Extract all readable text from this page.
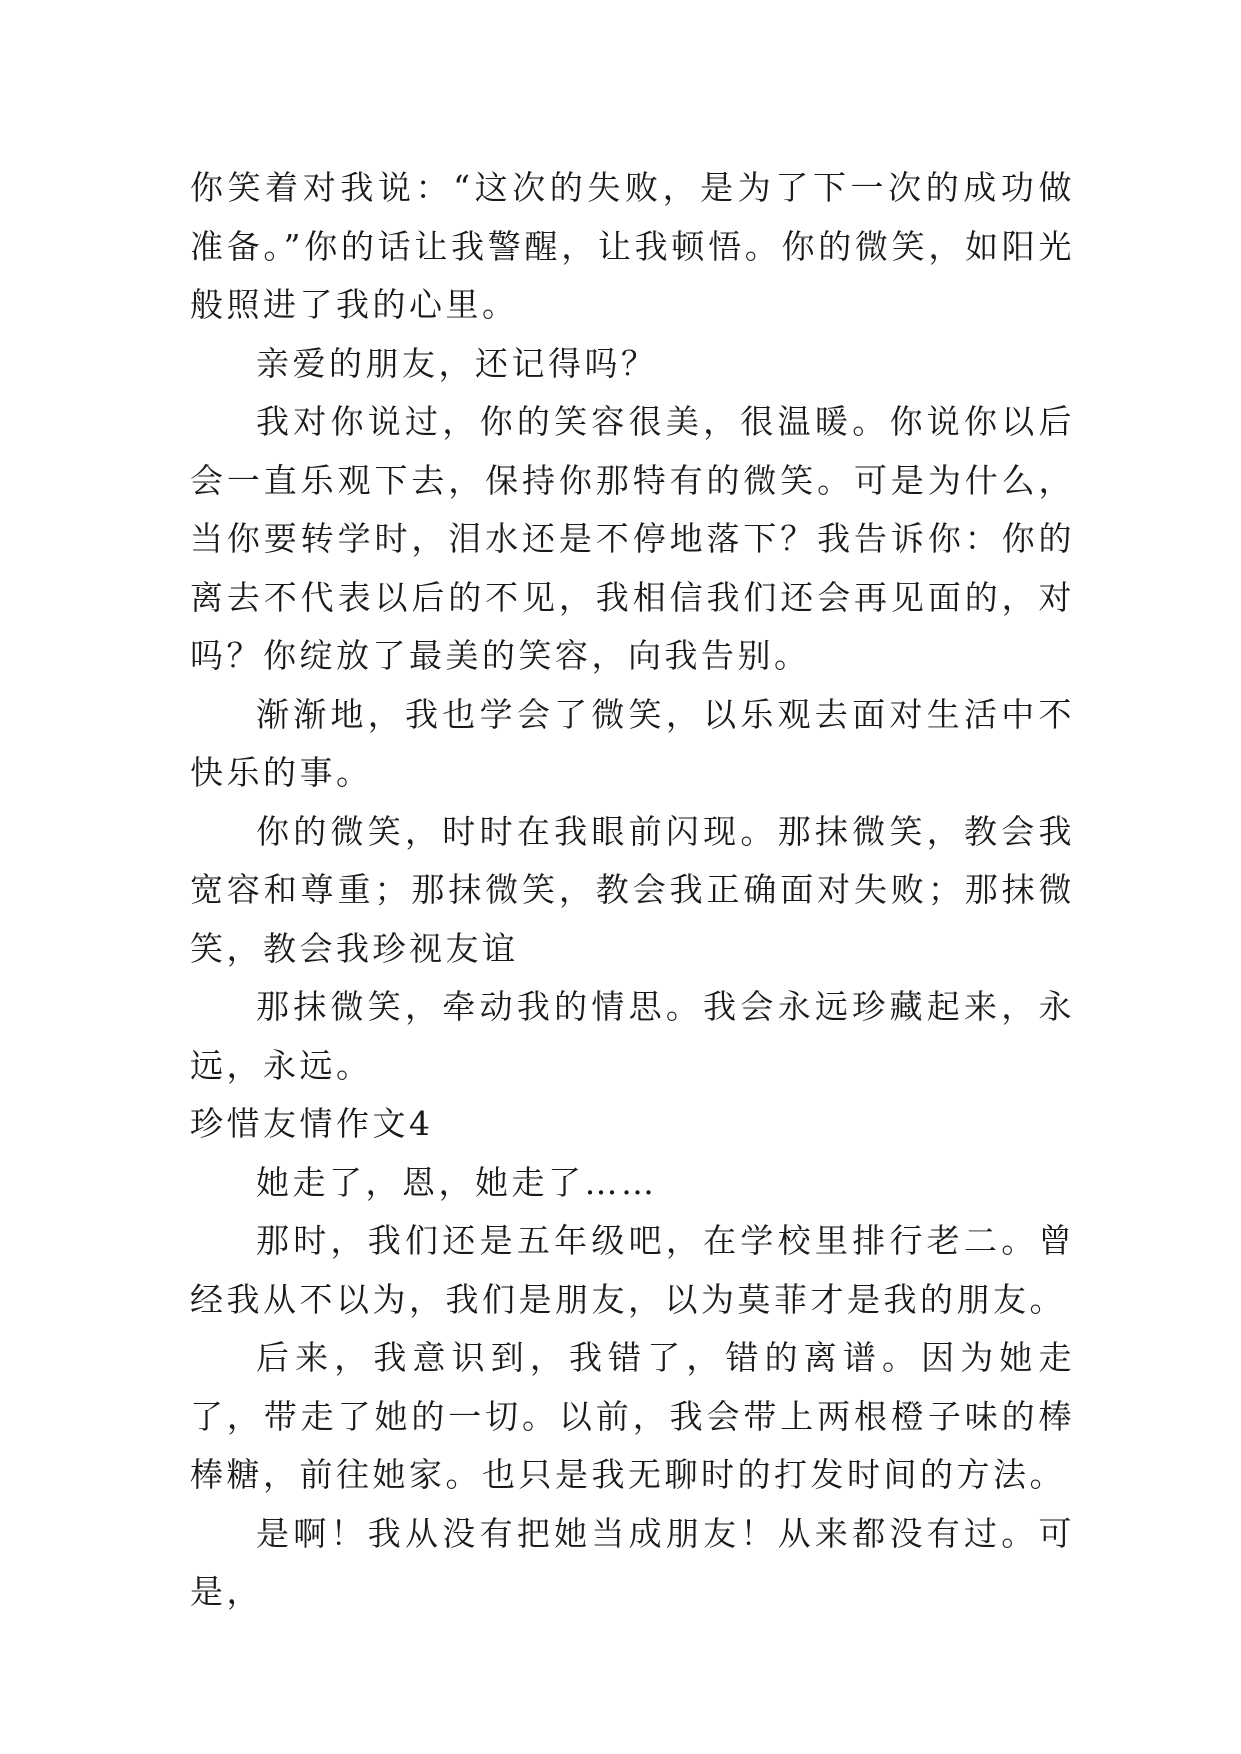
你笑着对我说：“这次的失败，是为了下一次的成功做准备。”你的话让我警醒，让我顿悟。你的微笑，如阳光般照进了我的心里。

亲爱的朋友，还记得吗？

我对你说过，你的笑容很美，很温暖。你说你以后会一直乐观下去，保持你那特有的微笑。可是为什么，当你要转学时，泪水还是不停地落下？我告诉你：你的离去不代表以后的不见，我相信我们还会再见面的，对吗？你绽放了最美的笑容，向我告别。

渐渐地，我也学会了微笑，以乐观去面对生活中不快乐的事。

你的微笑，时时在我眼前闪现。那抹微笑，教会我宽容和尊重；那抹微笑，教会我正确面对失败；那抹微笑，教会我珍视友谊

那抹微笑，牵动我的情思。我会永远珍藏起来，永远，永远。

珍惜友情作文4

她走了，恩，她走了……

那时，我们还是五年级吧，在学校里排行老二。曾经我从不以为，我们是朋友，以为莫菲才是我的朋友。

后来，我意识到，我错了，错的离谱。因为她走了，带走了她的一切。以前，我会带上两根橙子味的棒棒糖，前往她家。也只是我无聊时的打发时间的方法。

是啊！我从没有把她当成朋友！从来都没有过。可是，
